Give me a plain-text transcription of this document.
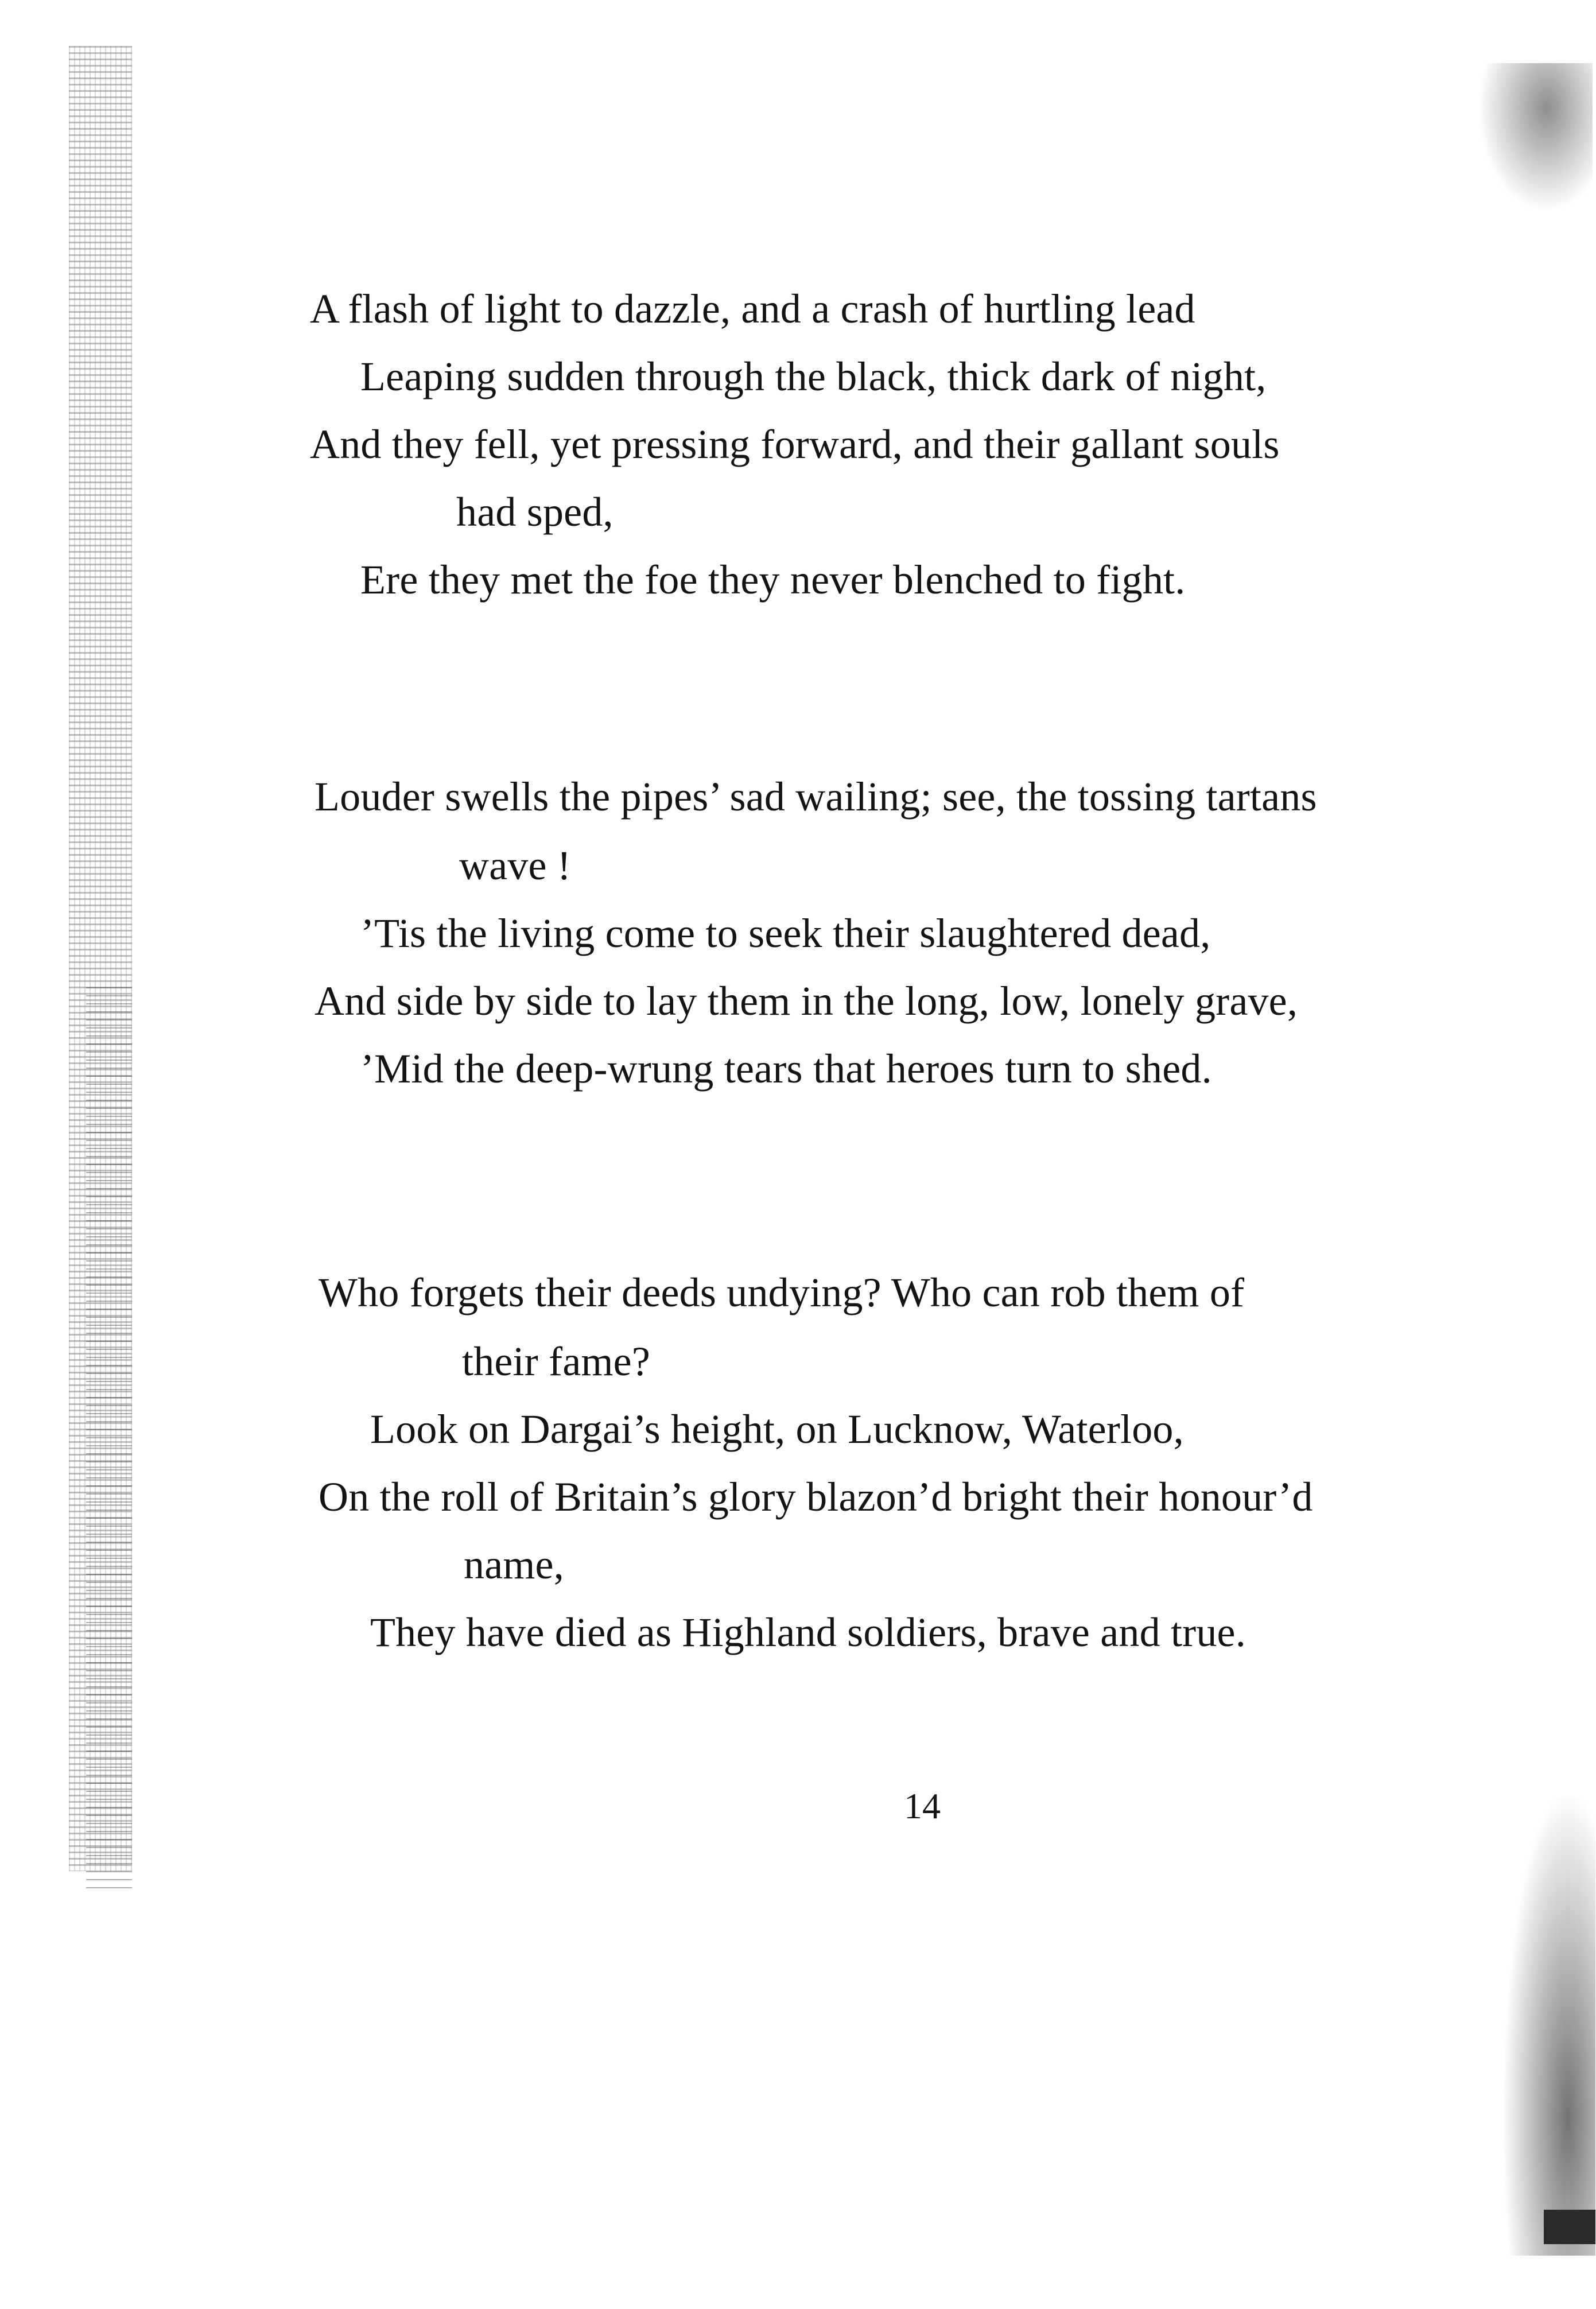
A flash of light to dazzle, and a crash of hurtling lead
Leaping sudden through the black, thick dark of night,
And they fell, yet pressing forward, and their gallant souls
had sped,
Ere they met the foe they never blenched to fight.
Louder swells the pipes’ sad wailing; see, the tossing tartans
wave !
’Tis the living come to seek their slaughtered dead,
And side by side to lay them in the long, low, lonely grave,
’Mid the deep-wrung tears that heroes turn to shed.
Who forgets their deeds undying? Who can rob them of
their fame?
Look on Dargai’s height, on Lucknow, Waterloo,
On the roll of Britain’s glory blazon’d bright their honour’d
name,
They have died as Highland soldiers, brave and true.
14
